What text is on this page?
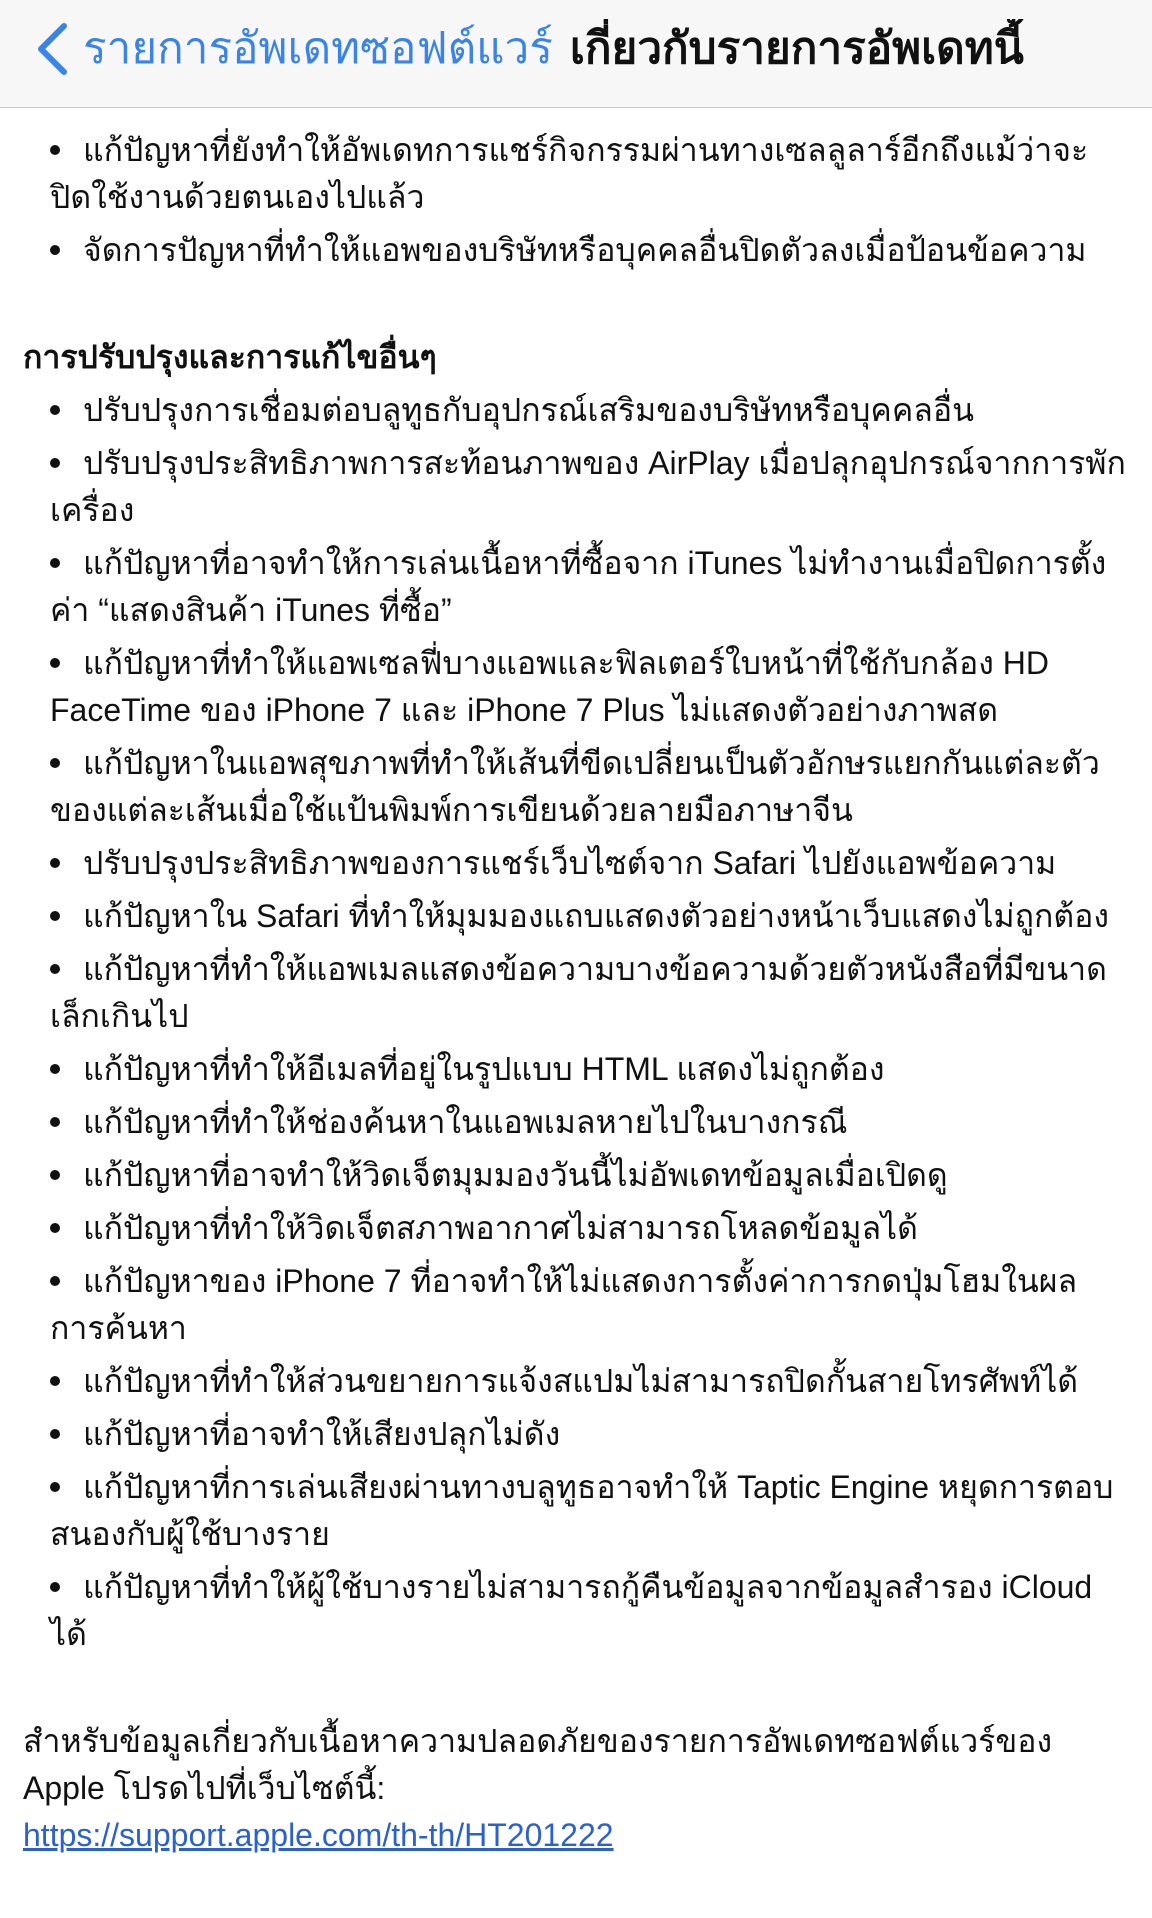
รายการอัพเดทซอฟต์แวร์ เกี่ยวกับรายการอัพเดทนี้
แก้ปัญหาที่ยังทำให้อัพเดทการแชร์กิจกรรมผ่านทางเซลลูลาร์อีกถึงแม้ว่าจะปิดใช้งานด้วยตนเองไปแล้ว
จัดการปัญหาที่ทำให้แอพของบริษัทหรือบุคคลอื่นปิดตัวลงเมื่อป้อนข้อความ
การปรับปรุงและการแก้ไขอื่นๆ
ปรับปรุงการเชื่อมต่อบลูทูธกับอุปกรณ์เสริมของบริษัทหรือบุคคลอื่น
ปรับปรุงประสิทธิภาพการสะท้อนภาพของ AirPlay เมื่อปลุกอุปกรณ์จากการพักเครื่อง
แก้ปัญหาที่อาจทำให้การเล่นเนื้อหาที่ซื้อจาก iTunes ไม่ทำงานเมื่อปิดการตั้งค่า “แสดงสินค้า iTunes ที่ซื้อ”
แก้ปัญหาที่ทำให้แอพเซลฟี่บางแอพและฟิลเตอร์ใบหน้าที่ใช้กับกล้อง HD FaceTime ของ iPhone 7 และ iPhone 7 Plus ไม่แสดงตัวอย่างภาพสด
แก้ปัญหาในแอพสุขภาพที่ทำให้เส้นที่ขีดเปลี่ยนเป็นตัวอักษรแยกกันแต่ละตัวของแต่ละเส้นเมื่อใช้แป้นพิมพ์การเขียนด้วยลายมือภาษาจีน
ปรับปรุงประสิทธิภาพของการแชร์เว็บไซต์จาก Safari ไปยังแอพข้อความ
แก้ปัญหาใน Safari ที่ทำให้มุมมองแถบแสดงตัวอย่างหน้าเว็บแสดงไม่ถูกต้อง
แก้ปัญหาที่ทำให้แอพเมลแสดงข้อความบางข้อความด้วยตัวหนังสือที่มีขนาดเล็กเกินไป
แก้ปัญหาที่ทำให้อีเมลที่อยู่ในรูปแบบ HTML แสดงไม่ถูกต้อง
แก้ปัญหาที่ทำให้ช่องค้นหาในแอพเมลหายไปในบางกรณี
แก้ปัญหาที่อาจทำให้วิดเจ็ตมุมมองวันนี้ไม่อัพเดทข้อมูลเมื่อเปิดดู
แก้ปัญหาที่ทำให้วิดเจ็ตสภาพอากาศไม่สามารถโหลดข้อมูลได้
แก้ปัญหาของ iPhone 7 ที่อาจทำให้ไม่แสดงการตั้งค่าการกดปุ่มโฮมในผลการค้นหา
แก้ปัญหาที่ทำให้ส่วนขยายการแจ้งสแปมไม่สามารถปิดกั้นสายโทรศัพท์ได้
แก้ปัญหาที่อาจทำให้เสียงปลุกไม่ดัง
แก้ปัญหาที่การเล่นเสียงผ่านทางบลูทูธอาจทำให้ Taptic Engine หยุดการตอบสนองกับผู้ใช้บางราย
แก้ปัญหาที่ทำให้ผู้ใช้บางรายไม่สามารถกู้คืนข้อมูลจากข้อมูลสำรอง iCloud ได้

สำหรับข้อมูลเกี่ยวกับเนื้อหาความปลอดภัยของรายการอัพเดทซอฟต์แวร์ของ Apple โปรดไปที่เว็บไซต์นี้:

https://support.apple.com/th-th/HT201222
